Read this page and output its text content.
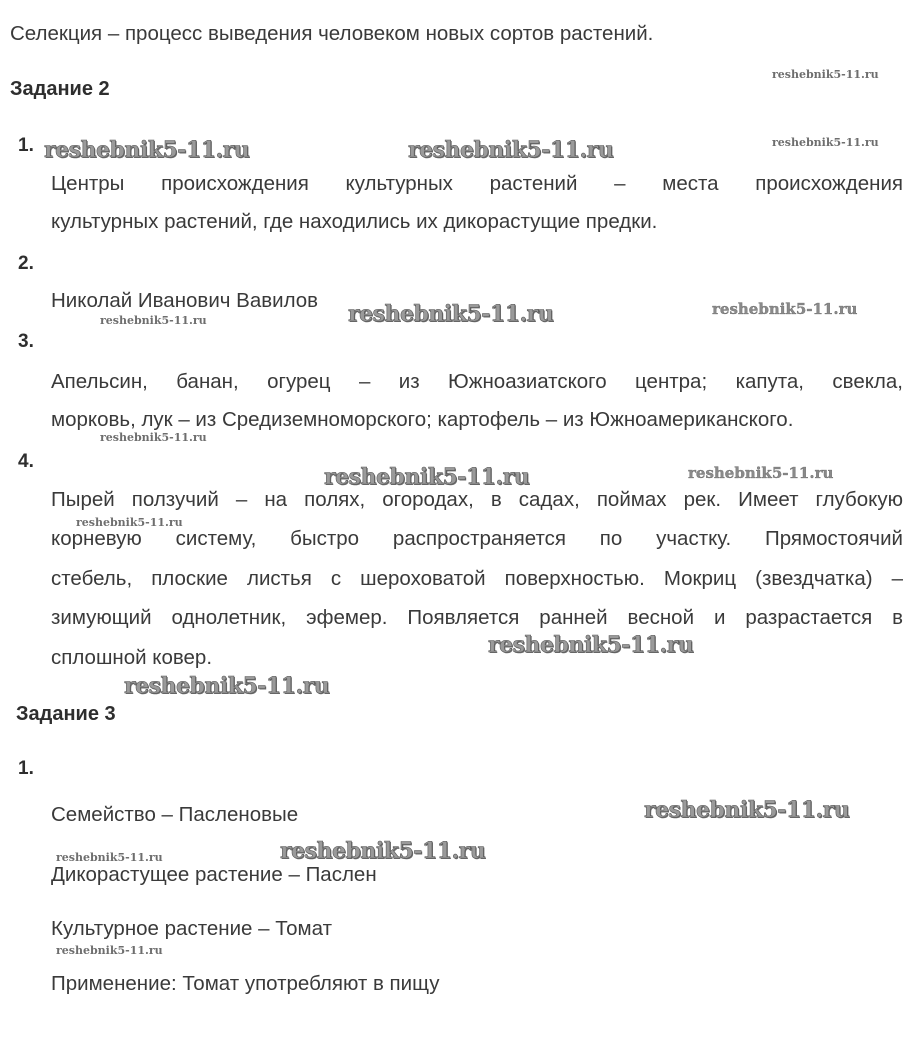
Селекция – процесс выведения человеком новых сортов растений.
Задание 2
1.
Центры происхождения культурных растений – места происхождения
культурных растений, где находились их дикорастущие предки.
2.
Николай Иванович Вавилов
3.
Апельсин, банан, огурец – из Южноазиатского центра; капута, свекла,
морковь, лук – из Средиземноморского; картофель – из Южноамериканского.
4.
Пырей ползучий – на полях, огородах, в садах, поймах рек. Имеет глубокую
корневую систему, быстро распространяется по участку. Прямостоячий
стебель, плоские листья с шероховатой поверхностью. Мокриц (звездчатка) –
зимующий однолетник, эфемер. Появляется ранней весной и разрастается в
сплошной ковер.
Задание 3
1.
Семейство – Пасленовые
Дикорастущее растение – Паслен
Культурное растение – Томат
Применение: Томат употребляют в пищу
reshebnik5-11.ru
reshebnik5-11.ru	reshebnik5-11.ru	reshebnik5-11.ru
reshebnik5-11.ru	reshebnik5-11.ru	reshebnik5-11.ru
reshebnik5-11.ru
reshebnik5-11.ru	reshebnik5-11.ru
reshebnik5-11.ru
reshebnik5-11.ru
reshebnik5-11.ru
reshebnik5-11.ru
reshebnik5-11.ru	reshebnik5-11.ru
reshebnik5-11.ru
